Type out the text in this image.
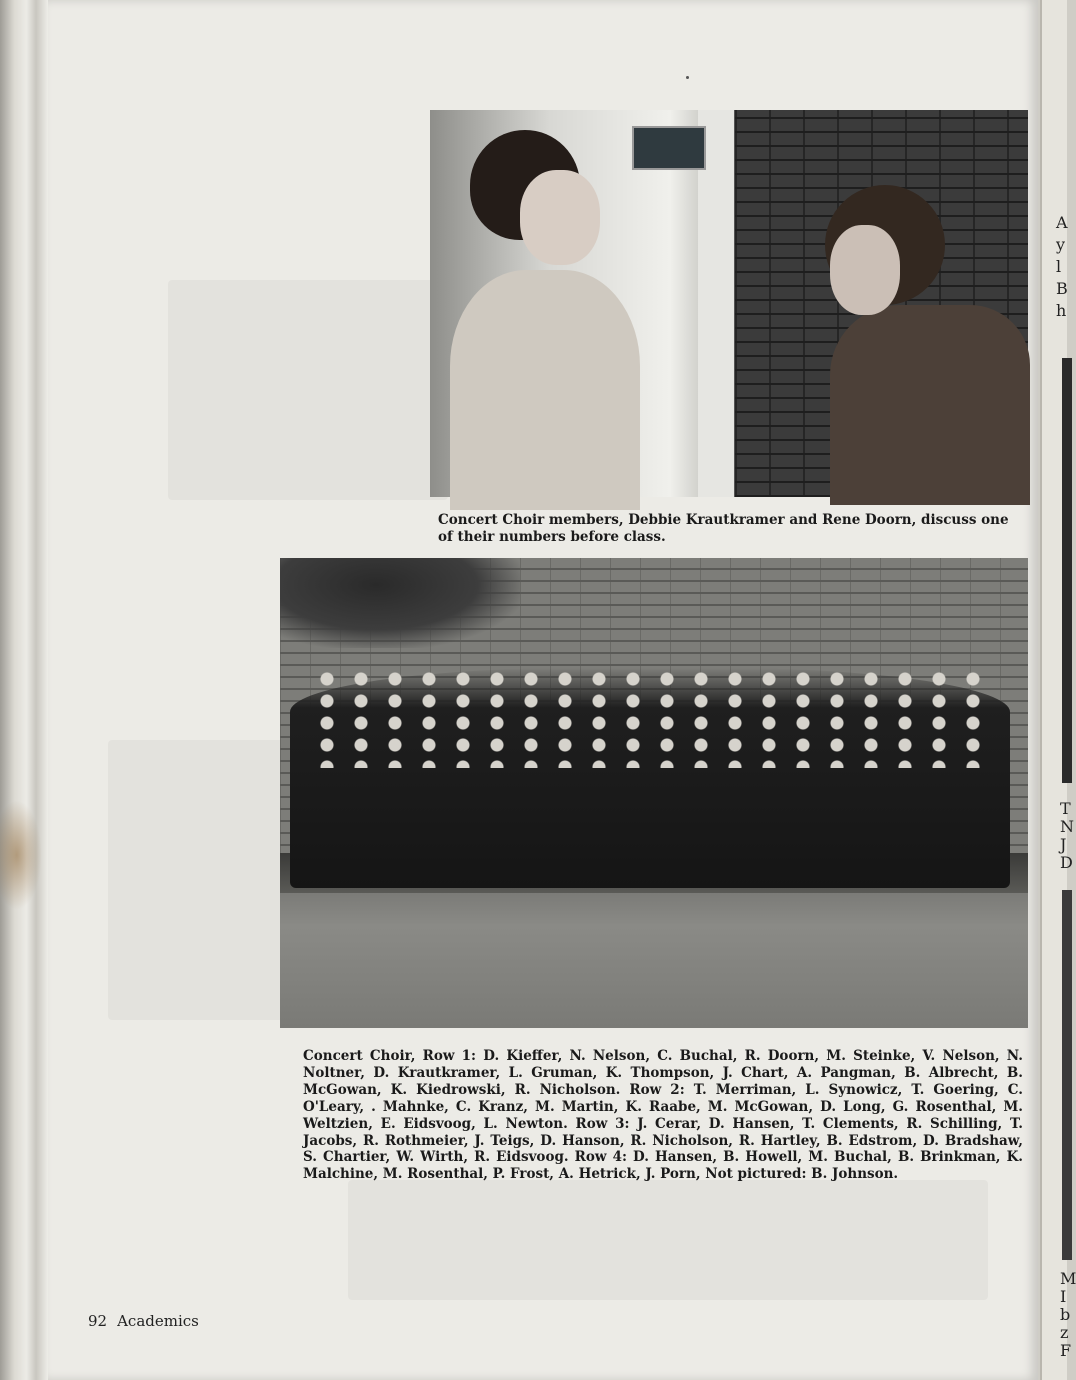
Concert Choir members, Debbie Krautkramer and Rene Doorn, discuss one of their numbers before class.
Concert Choir, Row 1: D. Kieffer, N. Nelson, C. Buchal, R. Doorn, M. Steinke, V. Nelson, N. Noltner, D. Krautkramer, L. Gruman, K. Thompson, J. Chart, A. Pangman, B. Albrecht, B. McGowan, K. Kiedrowski, R. Nicholson. Row 2: T. Merriman, L. Synowicz, T. Goering, C. O'Leary, . Mahnke, C. Kranz, M. Martin, K. Raabe, M. McGowan, D. Long, G. Rosenthal, M. Weltzien, E. Eidsvoog, L. Newton. Row 3: J. Cerar, D. Hansen, T. Clements, R. Schilling, T. Jacobs, R. Rothmeier, J. Teigs, D. Hanson, R. Nicholson, R. Hartley, B. Edstrom, D. Bradshaw, S. Chartier, W. Wirth, R. Eidsvoog. Row 4: D. Hansen, B. Howell, M. Buchal, B. Brinkman, K. Malchine, M. Rosenthal, P. Frost, A. Hetrick, J. Porn, Not pictured: B. Johnson.
92 Academics
A
y
l
B
h
T
N
J
D
M
I
b
z
F
